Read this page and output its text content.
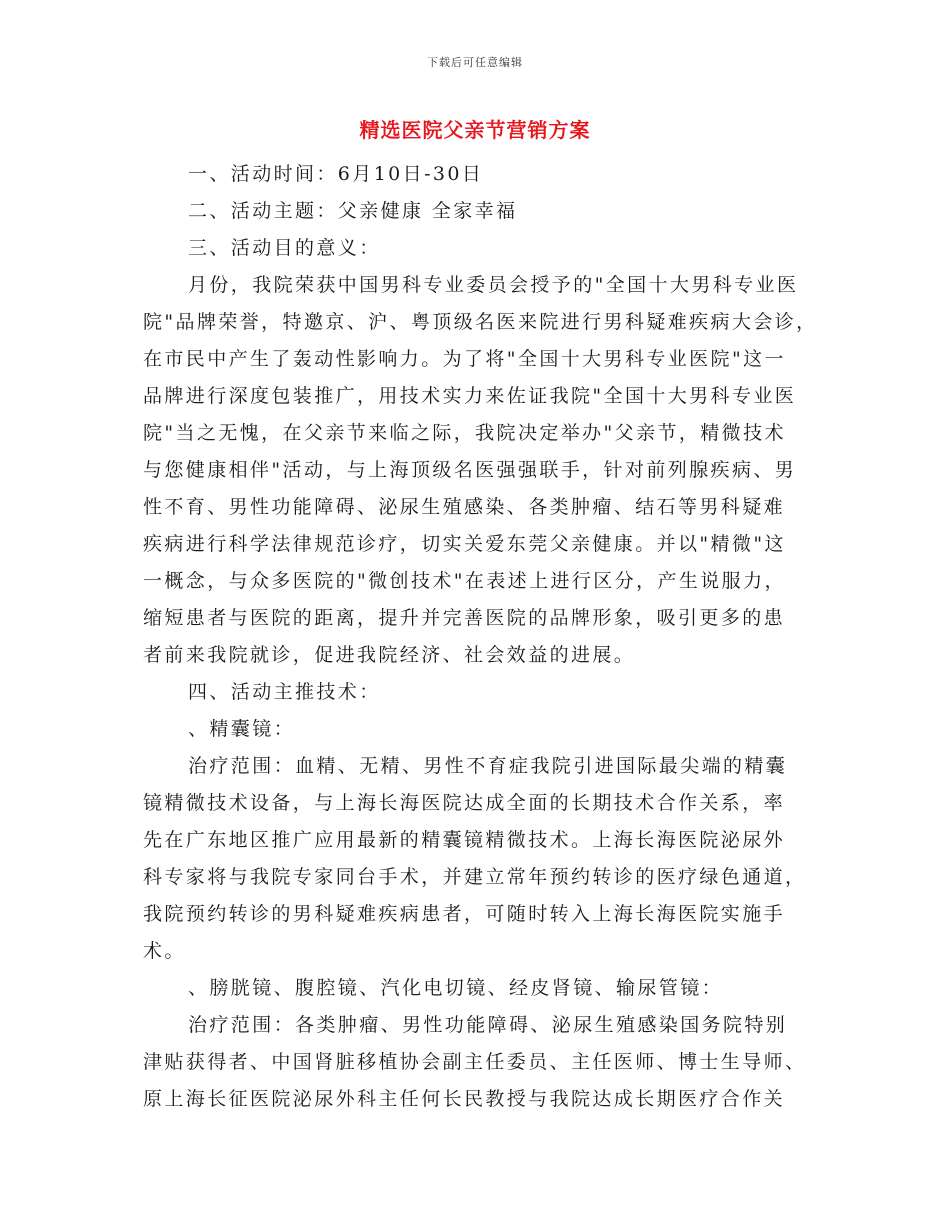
下载后可任意编辑
精选医院父亲节营销方案
一、活动时间：6月10日-30日
二、活动主题：父亲健康 全家幸福
三、活动目的意义：
月份，我院荣获中国男科专业委员会授予的"全国十大男科专业医
院"品牌荣誉，特邀京、沪、粤顶级名医来院进行男科疑难疾病大会诊，
在市民中产生了轰动性影响力。为了将"全国十大男科专业医院"这一
品牌进行深度包装推广，用技术实力来佐证我院"全国十大男科专业医
院"当之无愧，在父亲节来临之际，我院决定举办"父亲节，精微技术
与您健康相伴"活动，与上海顶级名医强强联手，针对前列腺疾病、男
性不育、男性功能障碍、泌尿生殖感染、各类肿瘤、结石等男科疑难
疾病进行科学法律规范诊疗，切实关爱东莞父亲健康。并以"精微"这
一概念，与众多医院的"微创技术"在表述上进行区分，产生说服力，
缩短患者与医院的距离，提升并完善医院的品牌形象，吸引更多的患
者前来我院就诊，促进我院经济、社会效益的进展。
四、活动主推技术：
、精囊镜：
治疗范围：血精、无精、男性不育症我院引进国际最尖端的精囊
镜精微技术设备，与上海长海医院达成全面的长期技术合作关系，率
先在广东地区推广应用最新的精囊镜精微技术。上海长海医院泌尿外
科专家将与我院专家同台手术，并建立常年预约转诊的医疗绿色通道，
我院预约转诊的男科疑难疾病患者，可随时转入上海长海医院实施手
术。
、膀胱镜、腹腔镜、汽化电切镜、经皮肾镜、输尿管镜：
治疗范围：各类肿瘤、男性功能障碍、泌尿生殖感染国务院特别
津贴获得者、中国肾脏移植协会副主任委员、主任医师、博士生导师、
原上海长征医院泌尿外科主任何长民教授与我院达成长期医疗合作关
